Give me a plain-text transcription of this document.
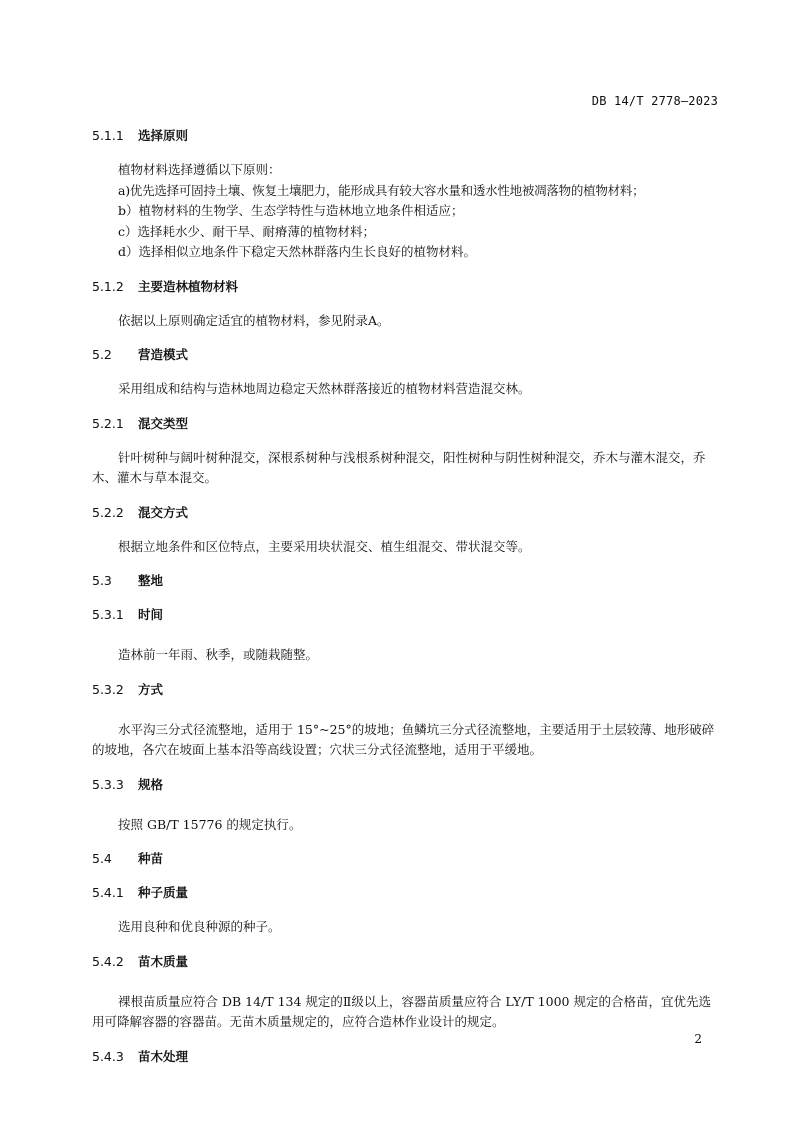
DB 14/T 2778—2023
5.1.1 选择原则
植物材料选择遵循以下原则：
a)优先选择可固持土壤、恢复土壤肥力，能形成具有较大容水量和透水性地被凋落物的植物材料；
b）植物材料的生物学、生态学特性与造林地立地条件相适应；
c）选择耗水少、耐干旱、耐瘠薄的植物材料；
d）选择相似立地条件下稳定天然林群落内生长良好的植物材料。
5.1.2 主要造林植物材料
依据以上原则确定适宜的植物材料，参见附录A。
5.2 营造模式
采用组成和结构与造林地周边稳定天然林群落接近的植物材料营造混交林。
5.2.1 混交类型
针叶树种与阔叶树种混交，深根系树种与浅根系树种混交，阳性树种与阴性树种混交，乔木与灌木混交，乔木、灌木与草本混交。
5.2.2 混交方式
根据立地条件和区位特点，主要采用块状混交、植生组混交、带状混交等。
5.3 整地
5.3.1 时间
造林前一年雨、秋季，或随栽随整。
5.3.2 方式
水平沟三分式径流整地，适用于 15°~25°的坡地；鱼鳞坑三分式径流整地，主要适用于土层较薄、地形破碎的坡地，各穴在坡面上基本沿等高线设置；穴状三分式径流整地，适用于平缓地。
5.3.3 规格
按照 GB/T 15776 的规定执行。
5.4 种苗
5.4.1 种子质量
选用良种和优良种源的种子。
5.4.2 苗木质量
裸根苗质量应符合 DB 14/T 134 规定的Ⅱ级以上，容器苗质量应符合 LY/T 1000 规定的合格苗，宜优先选用可降解容器的容器苗。无苗木质量规定的，应符合造林作业设计的规定。
5.4.3 苗木处理
2
